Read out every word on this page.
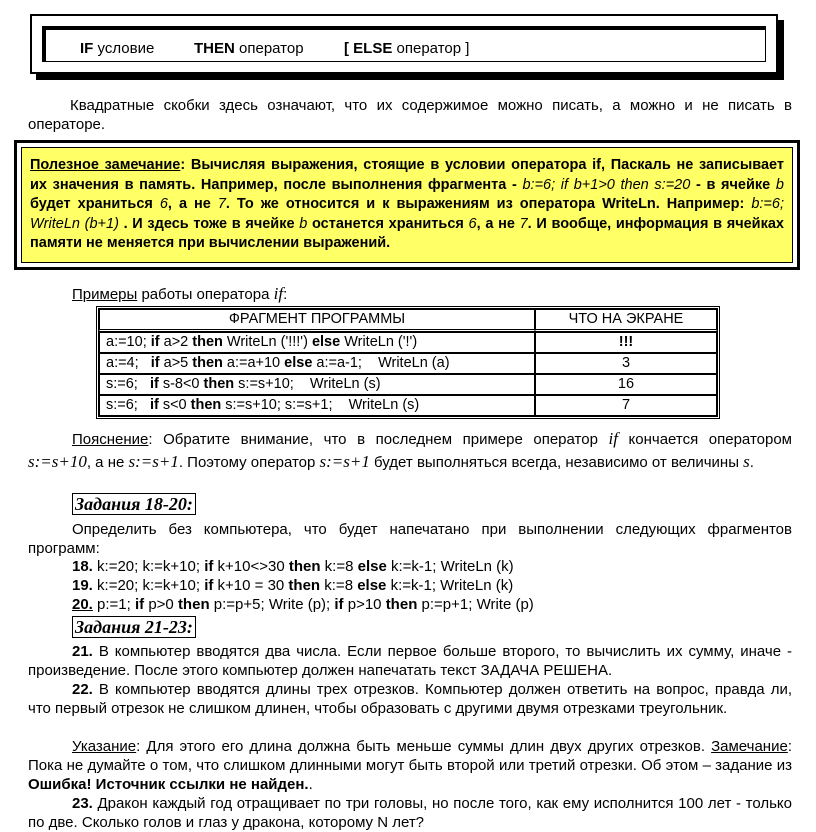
IF условие	THEN оператор	[ ELSE оператор ]
Квадратные скобки здесь означают, что их содержимое можно писать, а можно и не писать в операторе.
Полезное замечание: Вычисляя выражения, стоящие в условии оператора if, Паскаль не записывает их значения в память. Например, после выполнения фрагмента - b:=6; if b+1>0 then s:=20 - в ячейке b будет храниться 6, а не 7. То же относится и к выражениям из оператора WriteLn. Например: b:=6; WriteLn (b+1) . И здесь тоже в ячейке b останется храниться 6, а не 7. И вообще, информация в ячейках памяти не меняется при вычислении выражений.
Примеры работы оператора if:
ФРАГМЕНТ ПРОГРАММЫ	ЧТО НА ЭКРАНЕ
a:=10; if a>2 then WriteLn ('!!!') else WriteLn ('!')	!!!
a:=4;   if a>5 then a:=a+10 else a:=a-1;    WriteLn (a)	3
s:=6;   if s-8<0 then s:=s+10;    WriteLn (s)	16
s:=6;   if s<0 then s:=s+10; s:=s+1;    WriteLn (s)	7
Пояснение: Обратите внимание, что в последнем примере оператор if кончается оператором s:=s+10, а не s:=s+1. Поэтому оператор s:=s+1 будет выполняться всегда, независимо от величины s.
Задания 18-20:
Определить без компьютера, что будет напечатано при выполнении следующих фрагментов программ:
18. k:=20; k:=k+10; if k+10<>30 then k:=8 else k:=k-1; WriteLn (k)
19. k:=20; k:=k+10; if k+10 = 30 then k:=8 else k:=k-1; WriteLn (k)
20. p:=1; if p>0 then p:=p+5; Write (p); if p>10 then p:=p+1; Write (p)
Задания 21-23:
21. В компьютер вводятся два числа. Если первое больше второго, то вычислить их сумму, иначе - произведение. После этого компьютер должен напечатать текст ЗАДАЧА РЕШЕНА.
22. В компьютер вводятся длины трех отрезков. Компьютер должен ответить на вопрос, правда ли, что первый отрезок не слишком длинен, чтобы образовать с другими двумя отрезками треугольник.
Указание: Для этого его длина должна быть меньше суммы длин двух других отрезков. Замечание: Пока не думайте о том, что слишком длинными могут быть второй или третий отрезки. Об этом – задание из Ошибка! Источник ссылки не найден..
23. Дракон каждый год отращивает по три головы, но после того, как ему исполнится 100 лет - только по две. Сколько голов и глаз у дракона, которому N лет?
